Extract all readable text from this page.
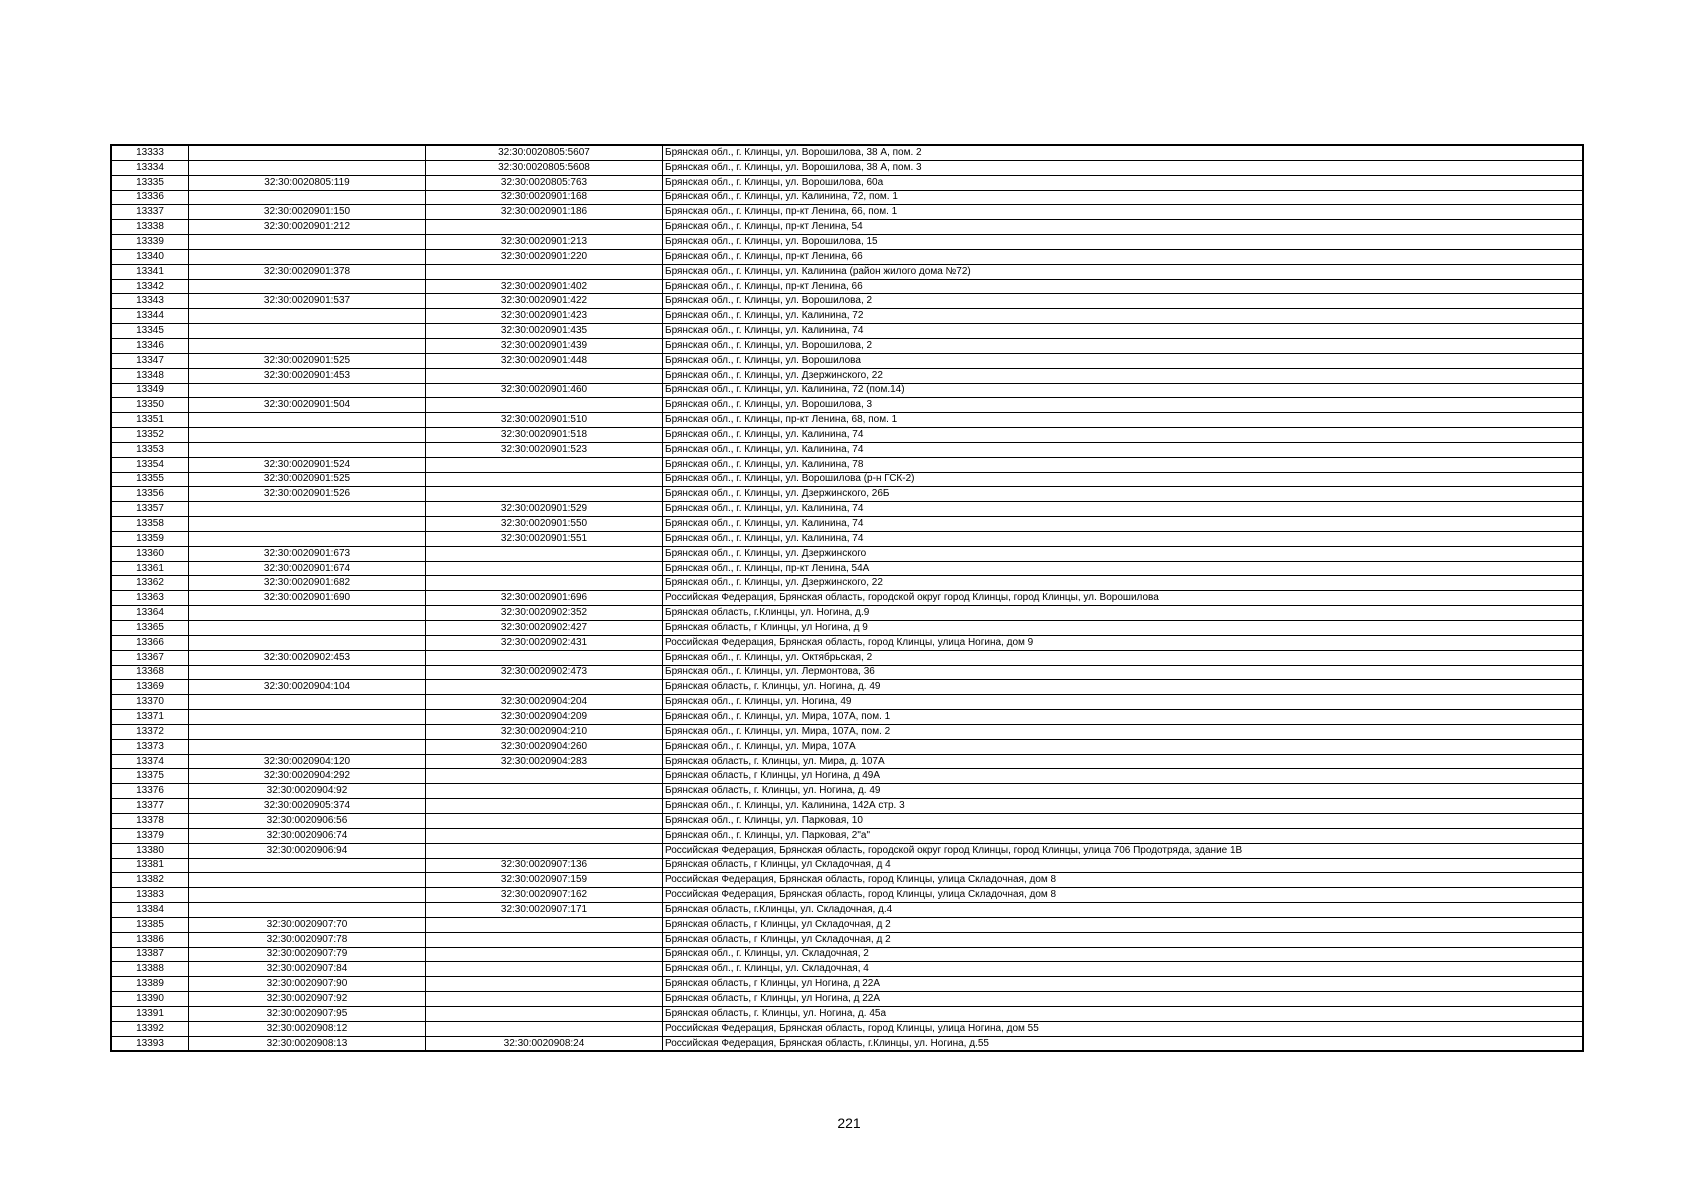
13333		32:30:0020805:5607	Брянская обл., г. Клинцы, ул. Ворошилова, 38 А, пом. 2
13334		32:30:0020805:5608	Брянская обл., г. Клинцы, ул. Ворошилова, 38 А, пом. 3
13335	32:30:0020805:119	32:30:0020805:763	Брянская обл., г. Клинцы, ул. Ворошилова, 60а
13336		32:30:0020901:168	Брянская обл., г. Клинцы, ул. Калинина, 72, пом. 1
13337	32:30:0020901:150	32:30:0020901:186	Брянская обл., г. Клинцы, пр-кт Ленина, 66, пом. 1
13338	32:30:0020901:212		Брянская обл., г. Клинцы, пр-кт Ленина, 54
13339		32:30:0020901:213	Брянская обл., г. Клинцы, ул. Ворошилова, 15
13340		32:30:0020901:220	Брянская обл., г. Клинцы, пр-кт Ленина, 66
13341	32:30:0020901:378		Брянская обл., г. Клинцы, ул. Калинина (район жилого дома №72)
13342		32:30:0020901:402	Брянская обл., г. Клинцы, пр-кт Ленина, 66
13343	32:30:0020901:537	32:30:0020901:422	Брянская обл., г. Клинцы, ул. Ворошилова, 2
13344		32:30:0020901:423	Брянская обл., г. Клинцы, ул. Калинина, 72
13345		32:30:0020901:435	Брянская обл., г. Клинцы, ул. Калинина, 74
13346		32:30:0020901:439	Брянская обл., г. Клинцы, ул. Ворошилова, 2
13347	32:30:0020901:525	32:30:0020901:448	Брянская обл., г. Клинцы, ул. Ворошилова
13348	32:30:0020901:453		Брянская обл., г. Клинцы, ул. Дзержинского, 22
13349		32:30:0020901:460	Брянская обл., г. Клинцы, ул. Калинина, 72 (пом.14)
13350	32:30:0020901:504		Брянская обл., г. Клинцы, ул. Ворошилова, 3
13351		32:30:0020901:510	Брянская обл., г. Клинцы, пр-кт Ленина, 68, пом. 1
13352		32:30:0020901:518	Брянская обл., г. Клинцы, ул. Калинина, 74
13353		32:30:0020901:523	Брянская обл., г. Клинцы, ул. Калинина, 74
13354	32:30:0020901:524		Брянская обл., г. Клинцы, ул. Калинина, 78
13355	32:30:0020901:525		Брянская обл., г. Клинцы, ул. Ворошилова (р-н ГСК-2)
13356	32:30:0020901:526		Брянская обл., г. Клинцы, ул. Дзержинского, 26Б
13357		32:30:0020901:529	Брянская обл., г. Клинцы, ул. Калинина, 74
13358		32:30:0020901:550	Брянская обл., г. Клинцы, ул. Калинина, 74
13359		32:30:0020901:551	Брянская обл., г. Клинцы, ул. Калинина, 74
13360	32:30:0020901:673		Брянская обл., г. Клинцы, ул. Дзержинского
13361	32:30:0020901:674		Брянская обл., г. Клинцы, пр-кт Ленина, 54А
13362	32:30:0020901:682		Брянская обл., г. Клинцы, ул. Дзержинского, 22
13363	32:30:0020901:690	32:30:0020901:696	Российская Федерация, Брянская область, городской округ город Клинцы, город Клинцы, ул. Ворошилова
13364		32:30:0020902:352	Брянская область, г.Клинцы, ул. Ногина, д.9
13365		32:30:0020902:427	Брянская область, г Клинцы, ул Ногина, д 9
13366		32:30:0020902:431	Российская Федерация, Брянская область, город Клинцы, улица Ногина, дом 9
13367	32:30:0020902:453		Брянская обл., г. Клинцы, ул. Октябрьская, 2
13368		32:30:0020902:473	Брянская обл., г. Клинцы, ул. Лермонтова, 36
13369	32:30:0020904:104		Брянская область, г. Клинцы, ул. Ногина, д. 49
13370		32:30:0020904:204	Брянская обл., г. Клинцы, ул. Ногина, 49
13371		32:30:0020904:209	Брянская обл., г. Клинцы, ул. Мира, 107А, пом. 1
13372		32:30:0020904:210	Брянская обл., г. Клинцы, ул. Мира, 107А, пом. 2
13373		32:30:0020904:260	Брянская обл., г. Клинцы, ул. Мира, 107А
13374	32:30:0020904:120	32:30:0020904:283	Брянская область, г. Клинцы, ул. Мира, д. 107А
13375	32:30:0020904:292		Брянская область, г Клинцы, ул Ногина, д 49А
13376	32:30:0020904:92		Брянская область, г. Клинцы, ул. Ногина, д. 49
13377	32:30:0020905:374		Брянская обл., г. Клинцы, ул. Калинина, 142А стр. 3
13378	32:30:0020906:56		Брянская обл., г. Клинцы, ул. Парковая, 10
13379	32:30:0020906:74		Брянская обл., г. Клинцы, ул. Парковая, 2"а"
13380	32:30:0020906:94		Российская Федерация, Брянская область, городской округ город Клинцы, город Клинцы, улица 706 Продотряда, здание 1В
13381		32:30:0020907:136	Брянская область, г Клинцы, ул Складочная, д 4
13382		32:30:0020907:159	Российская Федерация, Брянская область, город Клинцы, улица Складочная, дом 8
13383		32:30:0020907:162	Российская Федерация, Брянская область, город Клинцы, улица Складочная, дом 8
13384		32:30:0020907:171	Брянская область, г.Клинцы, ул. Складочная, д.4
13385	32:30:0020907:70		Брянская область, г Клинцы, ул Складочная, д 2
13386	32:30:0020907:78		Брянская область, г Клинцы, ул Складочная, д 2
13387	32:30:0020907:79		Брянская обл., г. Клинцы, ул. Складочная, 2
13388	32:30:0020907:84		Брянская обл., г. Клинцы, ул. Складочная, 4
13389	32:30:0020907:90		Брянская область, г Клинцы, ул Ногина, д 22А
13390	32:30:0020907:92		Брянская область, г Клинцы, ул Ногина, д 22А
13391	32:30:0020907:95		Брянская область, г. Клинцы, ул. Ногина, д. 45а
13392	32:30:0020908:12		Российская Федерация, Брянская область, город Клинцы, улица Ногина, дом 55
13393	32:30:0020908:13	32:30:0020908:24	Российская Федерация, Брянская область, г.Клинцы, ул. Ногина, д.55
221
